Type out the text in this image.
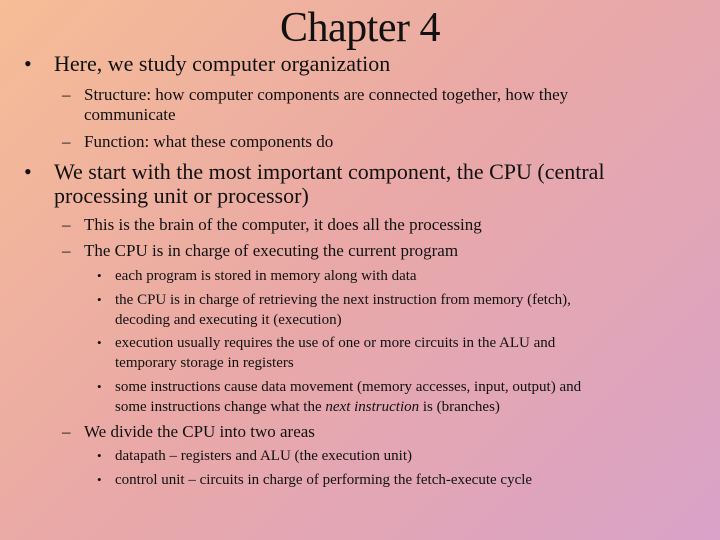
Chapter 4
•	Here, we study computer organization
– Structure: how computer components are connected together, how they
communicate
– Function: what these components do
•	We start with the most important component, the CPU (central
processing unit or processor)
– This is the brain of the computer, it does all the processing
– The CPU is in charge of executing the current program
• each program is stored in memory along with data
• the CPU is in charge of retrieving the next instruction from memory (fetch),
decoding and executing it (execution)
• execution usually requires the use of one or more circuits in the ALU and
temporary storage in registers
• some instructions cause data movement (memory accesses, input, output) and
some instructions change what the next instruction is (branches)
– We divide the CPU into two areas
• datapath – registers and ALU (the execution unit)
• control unit – circuits in charge of performing the fetch-execute cycle
